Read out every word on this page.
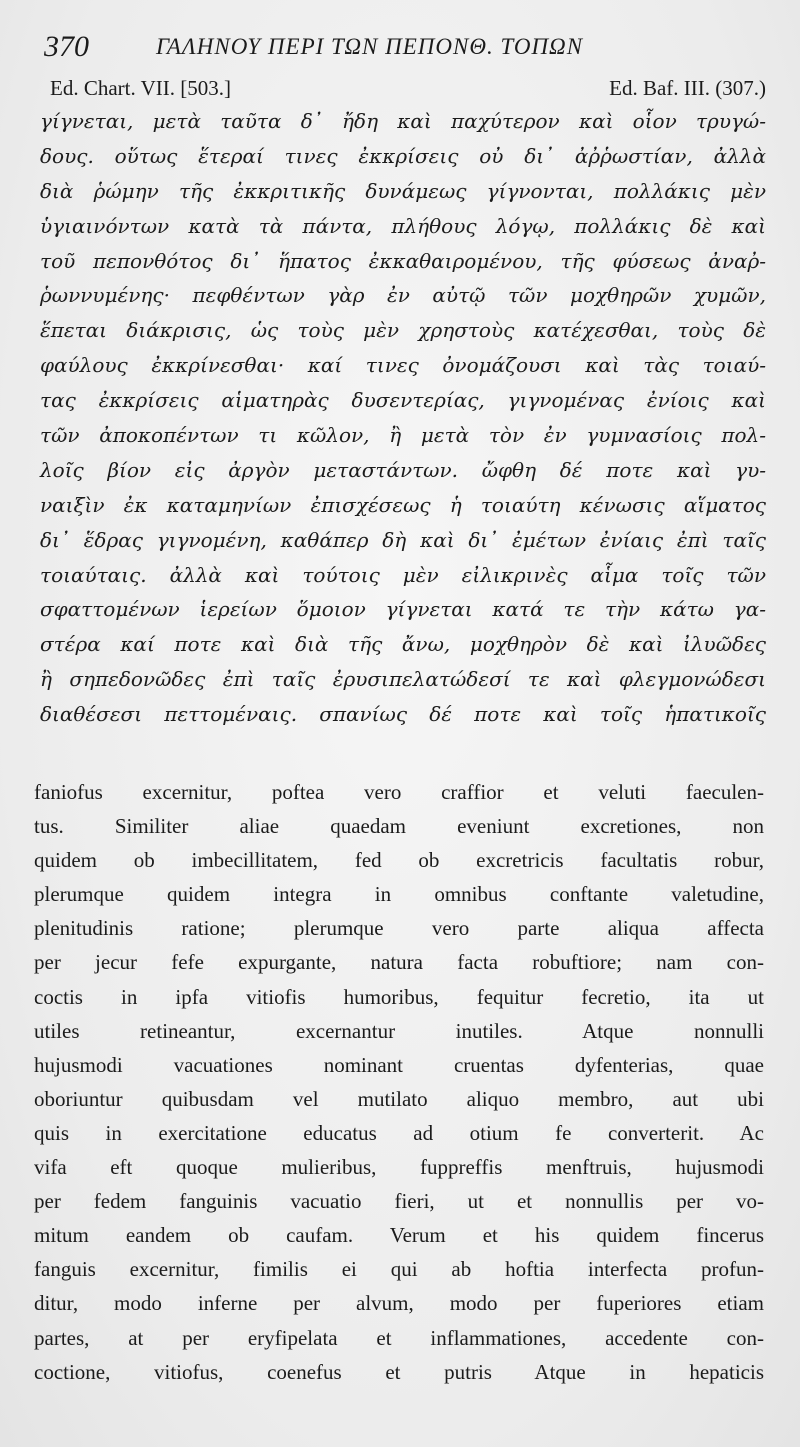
370	ΓΑΛΗΝΟΥ ΠΕΡΙ ΤΩΝ ΠΕΠΟΝΘ. ΤΟΠΩΝ
Ed. Chart. VII. [503.]	Ed. Baf. III. (307.)
γίγνεται, μετὰ ταῦτα δ᾽ ἤδη καὶ παχύτερον καὶ οἷον τρυγώ-
δους. οὕτως ἕτεραί τινες ἐκκρίσεις οὐ δι᾽ ἀῤῥωστίαν, ἀλλὰ
διὰ ῥώμην τῆς ἐκκριτικῆς δυνάμεως γίγνονται, πολλάκις μὲν
ὑγιαινόντων κατὰ τὰ πάντα, πλήθους λόγῳ, πολλάκις δὲ καὶ
τοῦ πεπονθότος δι᾽ ἥπατος ἐκκαθαιρομένου, τῆς φύσεως ἀναῤ-
ῥωννυμένης· πεφθέντων γὰρ ἐν αὐτῷ τῶν μοχθηρῶν χυμῶν,
ἕπεται διάκρισις, ὡς τοὺς μὲν χρηστοὺς κατέχεσθαι, τοὺς δὲ
φαύλους ἐκκρίνεσθαι· καί τινες ὀνομάζουσι καὶ τὰς τοιαύ-
τας ἐκκρίσεις αἱματηρὰς δυσεντερίας, γιγνομένας ἐνίοις καὶ
τῶν ἀποκοπέντων τι κῶλον, ἢ μετὰ τὸν ἐν γυμνασίοις πολ-
λοῖς βίον εἰς ἀργὸν μεταστάντων. ὤφθη δέ ποτε καὶ γυ-
ναιξὶν ἐκ καταμηνίων ἐπισχέσεως ἡ τοιαύτη κένωσις αἵματος
δι᾽ ἕδρας γιγνομένη, καθάπερ δὴ καὶ δι᾽ ἐμέτων ἐνίαις ἐπὶ ταῖς
τοιαύταις. ἀλλὰ καὶ τούτοις μὲν εἰλικρινὲς αἷμα τοῖς τῶν
σφαττομένων ἱερείων ὅμοιον γίγνεται κατά τε τὴν κάτω γα-
στέρα καί ποτε καὶ διὰ τῆς ἄνω, μοχθηρὸν δὲ καὶ ἰλυῶδες
ἢ σηπεδονῶδες ἐπὶ ταῖς ἐρυσιπελατώδεσί τε καὶ φλεγμονώδεσι
διαθέσεσι πεττομέναις. σπανίως δέ ποτε καὶ τοῖς ἡπατικοῖς
faniofus excernitur, poftea vero craffior et veluti faeculen-
tus. Similiter aliae quaedam eveniunt excretiones, non
quidem ob imbecillitatem, fed ob excretricis facultatis robur,
plerumque quidem integra in omnibus conftante valetudine,
plenitudinis ratione; plerumque vero parte aliqua affecta
per jecur fefe expurgante, natura facta robuftiore; nam con-
coctis in ipfa vitiofis humoribus, fequitur fecretio, ita ut
utiles retineantur, excernantur inutiles. Atque nonnulli
hujusmodi vacuationes nominant cruentas dyfenterias, quae
oboriuntur quibusdam vel mutilato aliquo membro, aut ubi
quis in exercitatione educatus ad otium fe converterit. Ac
vifa eft quoque mulieribus, fuppreffis menftruis, hujusmodi
per fedem fanguinis vacuatio fieri, ut et nonnullis per vo-
mitum eandem ob caufam. Verum et his quidem fincerus
fanguis excernitur, fimilis ei qui ab hoftia interfecta profun-
ditur, modo inferne per alvum, modo per fuperiores etiam
partes, at per eryfipelata et inflammationes, accedente con-
coctione, vitiofus, coenefus et putris Atque in hepaticis
